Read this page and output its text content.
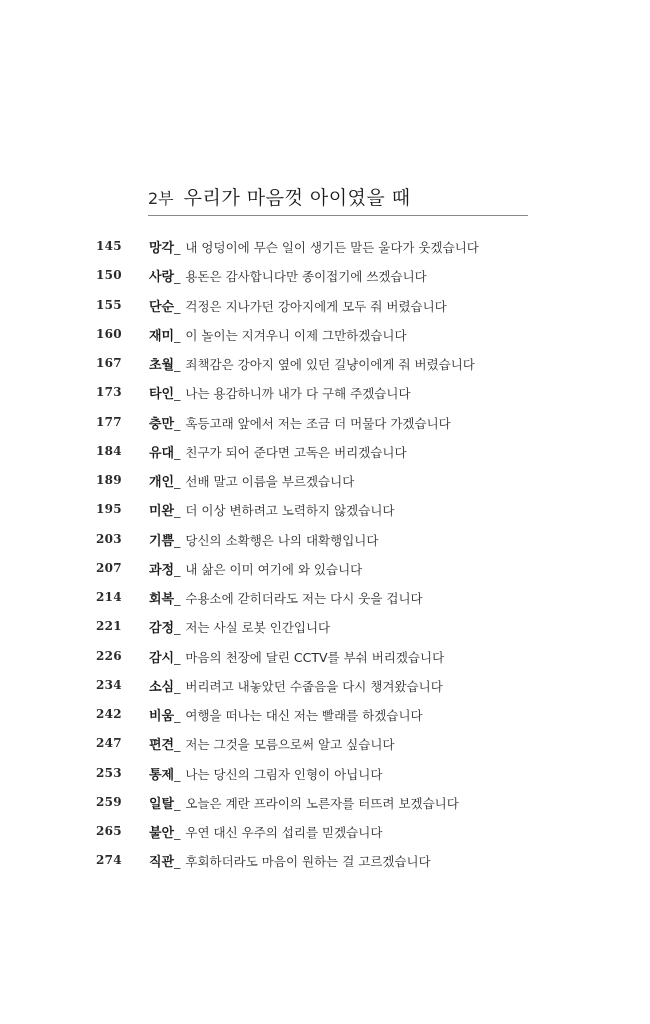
2부 우리가 마음껏 아이였을 때
145	망각_ 내 엉덩이에 무슨 일이 생기든 말든 울다가 웃겠습니다
150	사랑_ 용돈은 감사합니다만 종이접기에 쓰겠습니다
155	단순_ 걱정은 지나가던 강아지에게 모두 줘 버렸습니다
160	재미_ 이 놀이는 지겨우니 이제 그만하겠습니다
167	초월_ 죄책감은 강아지 옆에 있던 길냥이에게 줘 버렸습니다
173	타인_ 나는 용감하니까 내가 다 구해 주겠습니다
177	충만_ 혹등고래 앞에서 저는 조금 더 머물다 가겠습니다
184	유대_ 친구가 되어 준다면 고독은 버리겠습니다
189	개인_ 선배 말고 이름을 부르겠습니다
195	미완_ 더 이상 변하려고 노력하지 않겠습니다
203	기쁨_ 당신의 소확행은 나의 대확행입니다
207	과정_ 내 삶은 이미 여기에 와 있습니다
214	회복_ 수용소에 갇히더라도 저는 다시 웃을 겁니다
221	감정_ 저는 사실 로봇 인간입니다
226	감시_ 마음의 천장에 달린 CCTV를 부숴 버리겠습니다
234	소심_ 버리려고 내놓았던 수줍음을 다시 챙겨왔습니다
242	비움_ 여행을 떠나는 대신 저는 빨래를 하겠습니다
247	편견_ 저는 그것을 모름으로써 알고 싶습니다
253	통제_ 나는 당신의 그림자 인형이 아닙니다
259	일탈_ 오늘은 계란 프라이의 노른자를 터뜨려 보겠습니다
265	불안_ 우연 대신 우주의 섭리를 믿겠습니다
274	직관_ 후회하더라도 마음이 원하는 걸 고르겠습니다
